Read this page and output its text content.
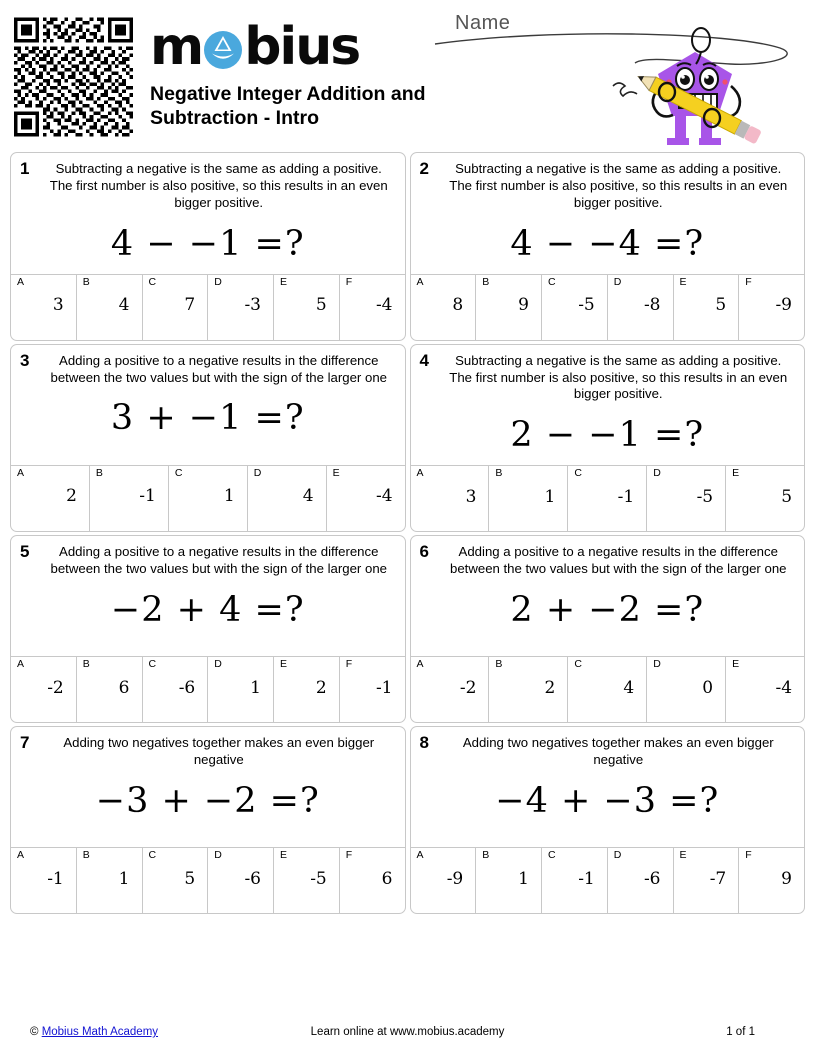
m bius
Negative Integer Addition and Subtraction - Intro
Name
1	Subtracting a negative is the same as adding a positive. The first number is also positive, so this results in an even bigger positive.
4 − −1 =?
A
3
B
4
C
7
D
-3
E
5
F
-4
2	Subtracting a negative is the same as adding a positive. The first number is also positive, so this results in an even bigger positive.
4 − −4 =?
A
8
B
9
C
-5
D
-8
E
5
F
-9
3	Adding a positive to a negative results in the difference between the two values but with the sign of the larger one
3 + −1 =?
A
2
B
-1
C
1
D
4
E
-4
4	Subtracting a negative is the same as adding a positive. The first number is also positive, so this results in an even bigger positive.
2 − −1 =?
A
3
B
1
C
-1
D
-5
E
5
5	Adding a positive to a negative results in the difference between the two values but with the sign of the larger one
−2 + 4 =?
A
-2
B
6
C
-6
D
1
E
2
F
-1
6	Adding a positive to a negative results in the difference between the two values but with the sign of the larger one
2 + −2 =?
A
-2
B
2
C
4
D
0
E
-4
7	Adding two negatives together makes an even bigger negative
−3 + −2 =?
A
-1
B
1
C
5
D
-6
E
-5
F
6
8	Adding two negatives together makes an even bigger negative
−4 + −3 =?
A
-9
B
1
C
-1
D
-6
E
-7
F
9
© Mobius Math Academy	Learn online at www.mobius.academy	1 of 1
